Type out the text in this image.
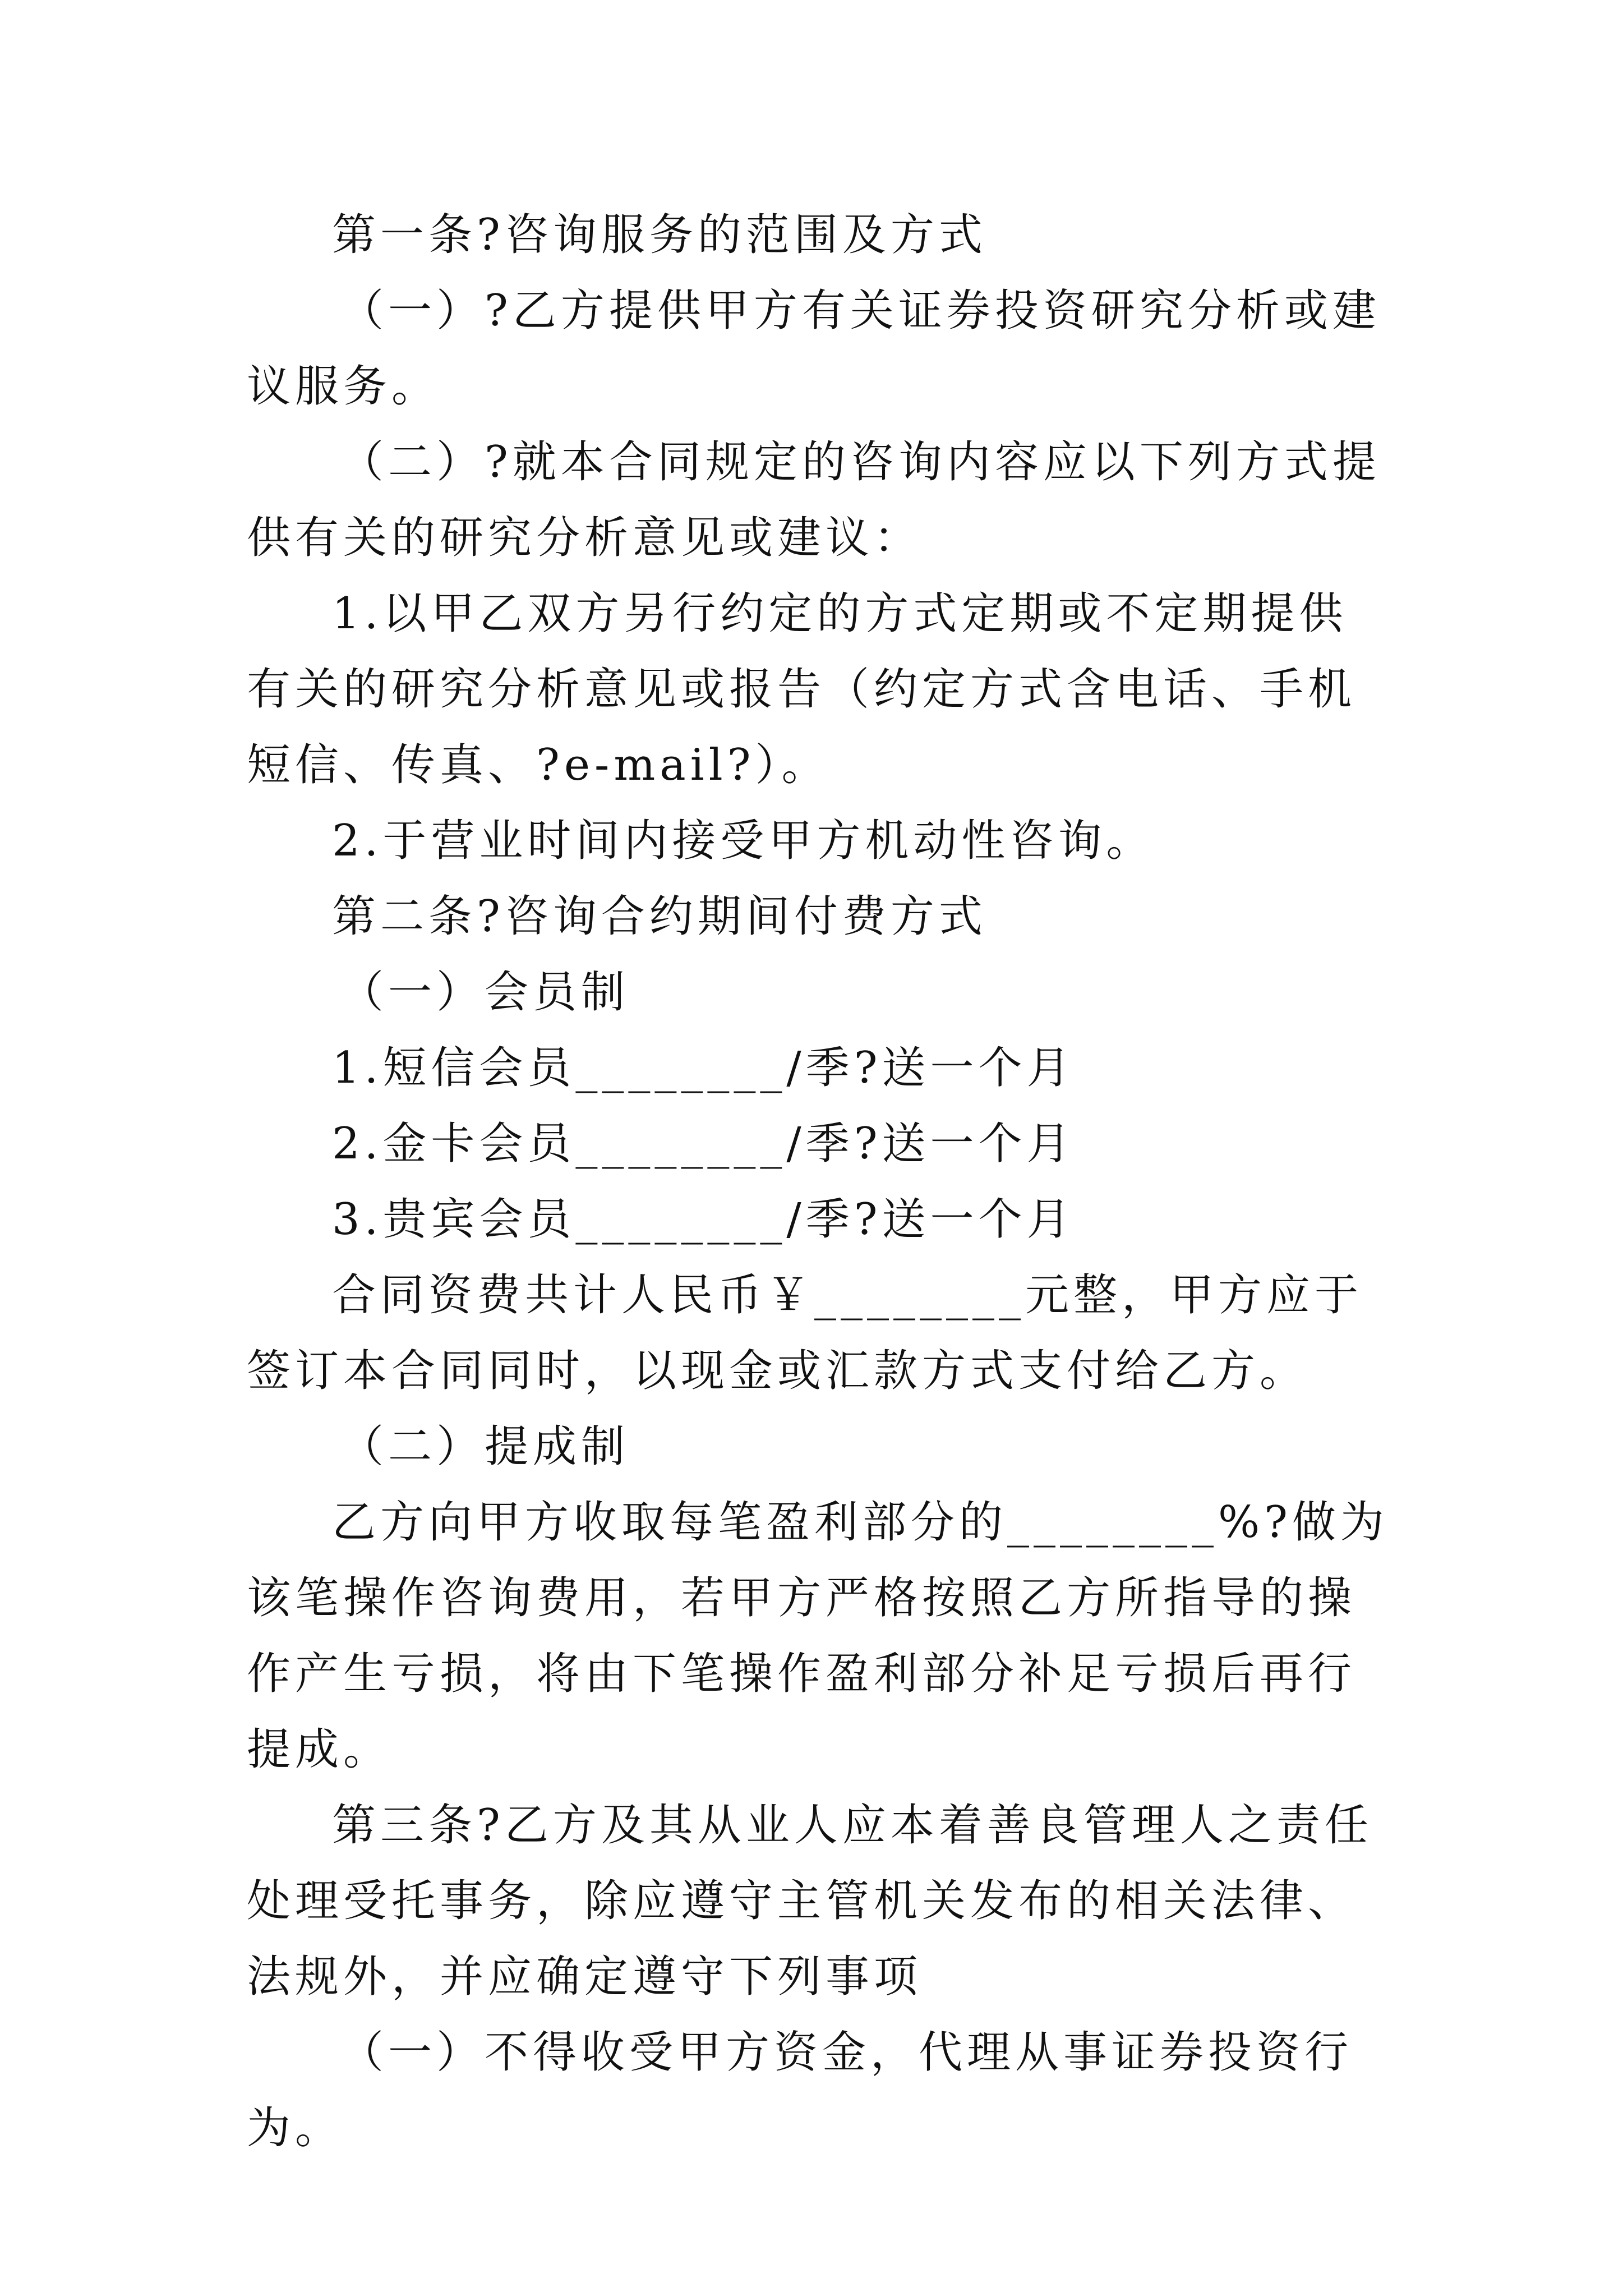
第一条?咨询服务的范围及方式

（一）?乙方提供甲方有关证券投资研究分析或建议服务。

（二）?就本合同规定的咨询内容应以下列方式提供有关的研究分析意见或建议：

1.以甲乙双方另行约定的方式定期或不定期提供有关的研究分析意见或报告（约定方式含电话、手机短信、传真、?e-mail?）。

2.于营业时间内接受甲方机动性咨询。

第二条?咨询合约期间付费方式

（一）会员制

1.短信会员________/季?送一个月

2.金卡会员________/季?送一个月

3.贵宾会员________/季?送一个月

合同资费共计人民币￥________元整，甲方应于签订本合同同时，以现金或汇款方式支付给乙方。

（二）提成制

乙方向甲方收取每笔盈利部分的________%?做为该笔操作咨询费用，若甲方严格按照乙方所指导的操作产生亏损，将由下笔操作盈利部分补足亏损后再行提成。

第三条?乙方及其从业人应本着善良管理人之责任处理受托事务，除应遵守主管机关发布的相关法律、法规外，并应确定遵守下列事项

（一）不得收受甲方资金，代理从事证券投资行为。
